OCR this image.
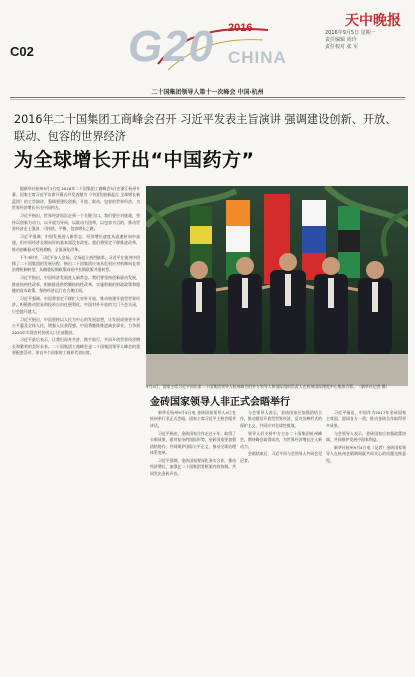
C02 G20 2016
CHINA
天中晚报
2016年9月5日 星期一
责任编辑 尚玲
责任校对 张 军
二十国集团领导人第十一次峰会 中国·杭州
2016年二十国集团工商峰会召开 习近平发表主旨演讲 强调建设创新、开放、联动、包容的世界经济
为全球增长开出“中国药方”

据新华社杭州9月3日电 2016年二十国集团工商峰会3日在浙江杭州开幕。国家主席习近平出席开幕式并发表题为《中国发展新起点 全球增长新蓝图》的主旨演讲，强调要建设创新、开放、联动、包容的世界经济，为世界经济增长开出中国药方。

习近平指出，世界经济再次走到一个关键当口。我们要应对挑战，坚持以创新为动力，以开放为导向，以联动为纽带，以包容为目的，推动世界经济走上强劲、可持续、平衡、包容增长之路。

习近平强调，中国发展进入新常态，经济增长速度从高速转向中高速，但中国经济长期向好的基本面没有改变。我们将坚定不移推进改革，推动创新驱动发展战略，全面深化改革。

下午3时许，习近平步入会场，全场起立热烈鼓掌。习近平在演讲中回顾了二十国集团的发展历程，指出二十国集团应该从危机应对机制向长效治理机制转型，从侧重短期政策向短中长期政策并重转型。

习近平指出，中国经济发展进入新常态。我们要坚持创新驱动发展，推进结构性改革，积极推进供给侧结构性改革，实施积极的财政政策和稳健的货币政策，保持经济运行在合理区间。

习近平强调，中国将坚定不移扩大对外开放，推动构建开放型世界经济，积极推动贸易和投资自由化便利化。中国对外开放的大门不会关闭，只会越开越大。

习近平指出，中国坚持以人民为中心的发展思想，让发展成果更多更公平惠及全体人民，增强人民获得感。中国将继续推进减贫事业，力争到2020年实现农村贫困人口全部脱贫。

习近平最后表示，让我们同舟共济、携手前行，共同开创世界经济增长和繁荣的美好未来。二十国集团工商峰会是二十国集团领导人峰会的重要配套活动，来自多个国家的工商界代表出席。

9月4日，国家主席习近平同出席二十国集团领导人杭州峰会的外方领导人和国际组织负责人在杭州国际博览中心集体合影。（新华社记者 摄）
金砖国家领导人非正式会晤举行

新华社杭州9月4日电 金砖国家领导人4日在杭州举行非正式会晤，国家主席习近平主持会晤并讲话。

习近平指出，金砖国家合作走过十年，取得了丰硕成果。面对复杂的国际形势，金砖国家要加强团结协作，共同维护国际公平正义，推动全球治理体系变革。

习近平强调，金砖国家要深化务实合作，推动经济增长，加强在二十国集团等框架内的协调，共同发出金砖声音。

与会领导人表示，金砖国家应加强团结合作，推动建设开放型世界经济，反对各种形式的保护主义，共同应对全球性挑战。

领导人们支持中方主办二十国集团杭州峰会，期待峰会取得成功，为世界经济增长注入新动力。

会晤结束后，习近平同与会领导人共同会见记者。

习近平指出，中国作为2017年金砖国家主席国，愿同各方一道，推动金砖合作取得更多成果。

与会领导人表示，金砖国家应加强政策协调，共同维护发展中国家利益。

新华社杭州9月4日电（记者）金砖国家领导人在杭州会晤期间就共同关心的问题交换意见。
